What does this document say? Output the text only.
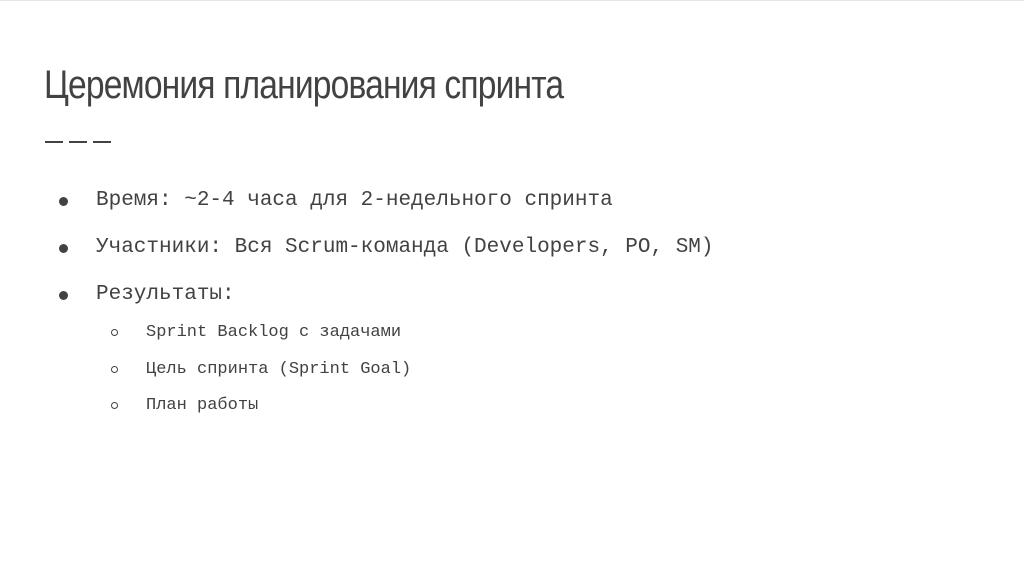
Церемония планирования спринта
Время: ~2-4 часа для 2-недельного спринта
Участники: Вся Scrum-команда (Developers, PO, SM)
Результаты:
Sprint Backlog с задачами
Цель спринта (Sprint Goal)
План работы
